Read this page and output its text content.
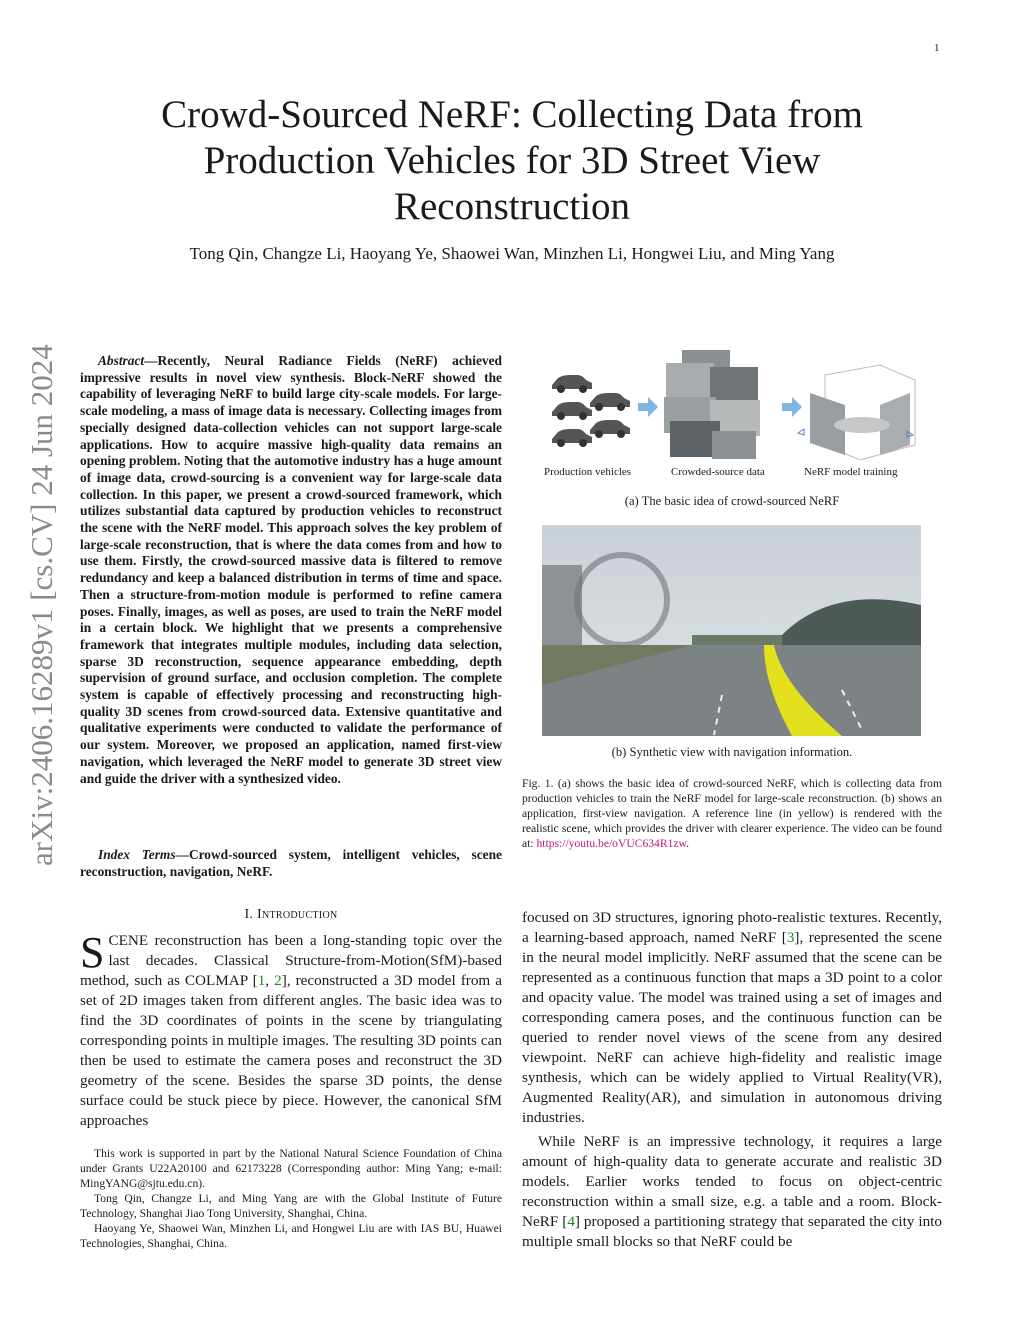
1
arXiv:2406.16289v1 [cs.CV] 24 Jun 2024
Crowd-Sourced NeRF: Collecting Data from Production Vehicles for 3D Street View Reconstruction
Tong Qin, Changze Li, Haoyang Ye, Shaowei Wan, Minzhen Li, Hongwei Liu, and Ming Yang

Abstract—Recently, Neural Radiance Fields (NeRF) achieved impressive results in novel view synthesis. Block-NeRF showed the capability of leveraging NeRF to build large city-scale models. For large-scale modeling, a mass of image data is necessary. Collecting images from specially designed data-collection vehicles can not support large-scale applications. How to acquire massive high-quality data remains an opening problem. Noting that the automotive industry has a huge amount of image data, crowd-sourcing is a convenient way for large-scale data collection. In this paper, we present a crowd-sourced framework, which utilizes substantial data captured by production vehicles to reconstruct the scene with the NeRF model. This approach solves the key problem of large-scale reconstruction, that is where the data comes from and how to use them. Firstly, the crowd-sourced massive data is filtered to remove redundancy and keep a balanced distribution in terms of time and space. Then a structure-from-motion module is performed to refine camera poses. Finally, images, as well as poses, are used to train the NeRF model in a certain block. We highlight that we presents a comprehensive framework that integrates multiple modules, including data selection, sparse 3D reconstruction, sequence appearance embedding, depth supervision of ground surface, and occlusion completion. The complete system is capable of effectively processing and reconstructing high-quality 3D scenes from crowd-sourced data. Extensive quantitative and qualitative experiments were conducted to validate the performance of our system. Moreover, we proposed an application, named first-view navigation, which leveraged the NeRF model to generate 3D street view and guide the driver with a synthesized video.

Index Terms—Crowd-sourced system, intelligent vehicles, scene reconstruction, navigation, NeRF.

I. Introduction

SCENE reconstruction has been a long-standing topic over the last decades. Classical Structure-from-Motion(SfM)-based method, such as COLMAP [1, 2], reconstructed a 3D model from a set of 2D images taken from different angles. The basic idea was to find the 3D coordinates of points in the scene by triangulating corresponding points in multiple images. The resulting 3D points can then be used to estimate the camera poses and reconstruct the 3D geometry of the scene. Besides the sparse 3D points, the dense surface could be stuck piece by piece. However, the canonical SfM approaches

focused on 3D structures, ignoring photo-realistic textures. Recently, a learning-based approach, named NeRF [3], represented the scene in the neural model implicitly. NeRF assumed that the scene can be represented as a continuous function that maps a 3D point to a color and opacity value. The model was trained using a set of images and corresponding camera poses, and the continuous function can be queried to render novel views of the scene from any desired viewpoint. NeRF can achieve high-fidelity and realistic image synthesis, which can be widely applied to Virtual Reality(VR), Augmented Reality(AR), and simulation in autonomous driving industries.

While NeRF is an impressive technology, it requires a large amount of high-quality data to generate accurate and realistic 3D models. Earlier works tended to focus on object-centric reconstruction within a small size, e.g. a table and a room. Block-NeRF [4] proposed a partitioning strategy that separated the city into multiple small blocks so that NeRF could be

This work is supported in part by the National Natural Science Foundation of China under Grants U22A20100 and 62173228 (Corresponding author: Ming Yang; e-mail: MingYANG@sjtu.edu.cn).

Tong Qin, Changze Li, and Ming Yang are with the Global Institute of Future Technology, Shanghai Jiao Tong University, Shanghai, China.

Haoyang Ye, Shaowei Wan, Minzhen Li, and Hongwei Liu are with IAS BU, Huawei Technologies, Shanghai, China.

Production vehicles	Crowded-source data	NeRF model training
(a) The basic idea of crowd-sourced NeRF
(b) Synthetic view with navigation information.
Fig. 1. (a) shows the basic idea of crowd-sourced NeRF, which is collecting data from production vehicles to train the NeRF model for large-scale reconstruction. (b) shows an application, first-view navigation. A reference line (in yellow) is rendered with the realistic scene, which provides the driver with clearer experience. The video can be found at: https://youtu.be/oVUC634R1zw.
